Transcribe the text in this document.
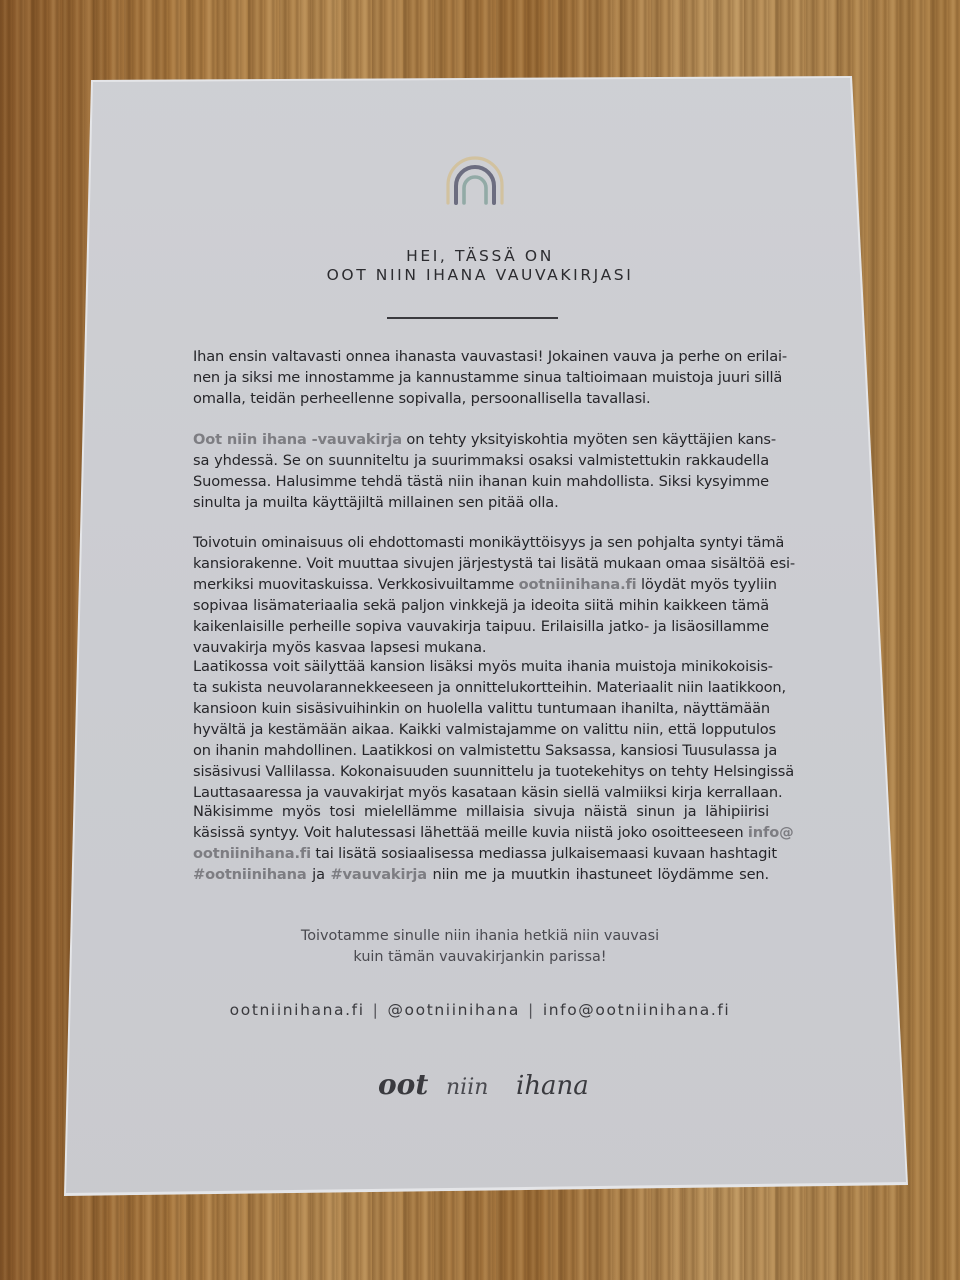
HEI, TÄSSÄ ON
OOT NIIN IHANA VAUVAKIRJASI
Ihan ensin valtavasti onnea ihanasta vauvastasi! Jokainen vauva ja perhe on erilai-
nen ja siksi me innostamme ja kannustamme sinua taltioimaan muistoja juuri sillä
omalla, teidän perheellenne sopivalla, persoonallisella tavallasi.
Oot niin ihana -vauvakirja on tehty yksityiskohtia myöten sen käyttäjien kans-
sa yhdessä. Se on suunniteltu ja suurimmaksi osaksi valmistettukin rakkaudella
Suomessa. Halusimme tehdä tästä niin ihanan kuin mahdollista. Siksi kysyimme
sinulta ja muilta käyttäjiltä millainen sen pitää olla.
Toivotuin ominaisuus oli ehdottomasti monikäyttöisyys ja sen pohjalta syntyi tämä
kansiorakenne. Voit muuttaa sivujen järjestystä tai lisätä mukaan omaa sisältöä esi-
merkiksi muovitaskuissa. Verkkosivuiltamme ootniinihana.fi löydät myös tyyliin
sopivaa lisämateriaalia sekä paljon vinkkejä ja ideoita siitä mihin kaikkeen tämä
kaikenlaisille perheille sopiva vauvakirja taipuu. Erilaisilla jatko- ja lisäosillamme
vauvakirja myös kasvaa lapsesi mukana.
Laatikossa voit säilyttää kansion lisäksi myös muita ihania muistoja minikokoisis-
ta sukista neuvolarannekkeeseen ja onnittelukortteihin. Materiaalit niin laatikkoon,
kansioon kuin sisäsivuihinkin on huolella valittu tuntumaan ihanilta, näyttämään
hyvältä ja kestämään aikaa. Kaikki valmistajamme on valittu niin, että lopputulos
on ihanin mahdollinen. Laatikkosi on valmistettu Saksassa, kansiosi Tuusulassa ja
sisäsivusi Vallilassa. Kokonaisuuden suunnittelu ja tuotekehitys on tehty Helsingissä
Lauttasaaressa ja vauvakirjat myös kasataan käsin siellä valmiiksi kirja kerrallaan.
Näkisimme myös tosi mielellämme millaisia sivuja näistä sinun ja lähipiirisi
käsissä syntyy. Voit halutessasi lähettää meille kuvia niistä joko osoitteeseen info@
ootniinihana.fi tai lisätä sosiaalisessa mediassa julkaisemaasi kuvaan hashtagit
#ootniinihana ja #vauvakirja niin me ja muutkin ihastuneet löydämme sen.
Toivotamme sinulle niin ihania hetkiä niin vauvasi
kuin tämän vauvakirjankin parissa!
ootniinihana.fi | @ootniinihana | info@ootniinihana.fi
oot niin ihana
